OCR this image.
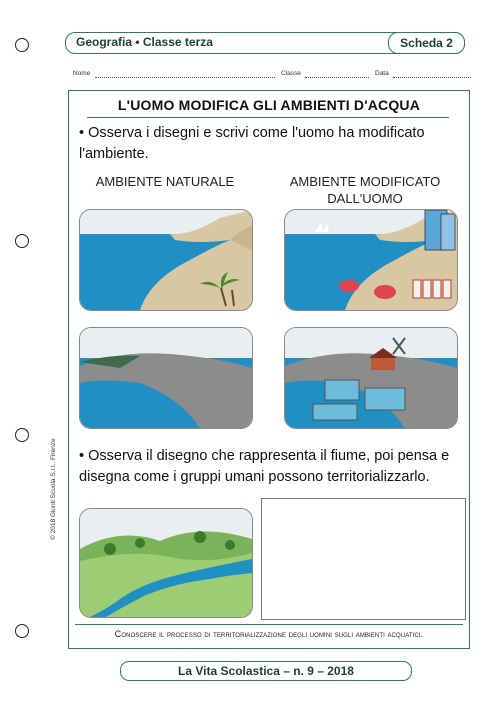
Geografia • Classe terza	Scheda 2
Nome	Classe	Data
L'UOMO MODIFICA GLI AMBIENTI D'ACQUA
• Osserva i disegni e scrivi come l'uomo ha modificato l'ambiente.
AMBIENTE NATURALE	AMBIENTE MODIFICATO DALL'UOMO
• Osserva il disegno che rappresenta il fiume, poi pensa e disegna come i gruppi umani possono territorializzarlo.
Conoscere il processo di territorializzazione degli uomini sugli ambienti acquatici.
© 2018 Giunti Scuola S.r.l., Firenze
La Vita Scolastica – n. 9 – 2018
